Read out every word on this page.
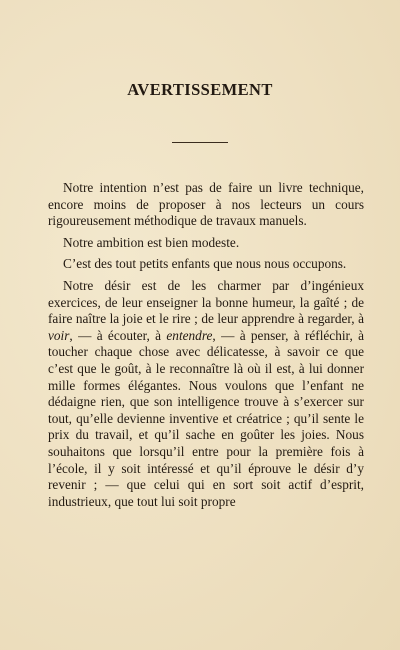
AVERTISSEMENT

Notre intention n’est pas de faire un livre technique, encore moins de proposer à nos lecteurs un cours rigoureusement méthodique de travaux manuels.

Notre ambition est bien modeste.

C’est des tout petits enfants que nous nous occupons.

Notre désir est de les charmer par d’ingénieux exercices, de leur enseigner la bonne humeur, la gaîté ; de faire naître la joie et le rire ; de leur apprendre à regarder, à voir, — à écouter, à entendre, — à penser, à réfléchir, à toucher chaque chose avec délicatesse, à savoir ce que c’est que le goût, à le reconnaître là où il est, à lui donner mille formes élégantes. Nous voulons que l’enfant ne dédaigne rien, que son intelligence trouve à s’exercer sur tout, qu’elle devienne inventive et créatrice ; qu’il sente le prix du travail, et qu’il sache en goûter les joies. Nous souhaitons que lorsqu’il entre pour la première fois à l’école, il y soit intéressé et qu’il éprouve le désir d’y revenir ; — que celui qui en sort soit actif d’esprit, industrieux, que tout lui soit propre
